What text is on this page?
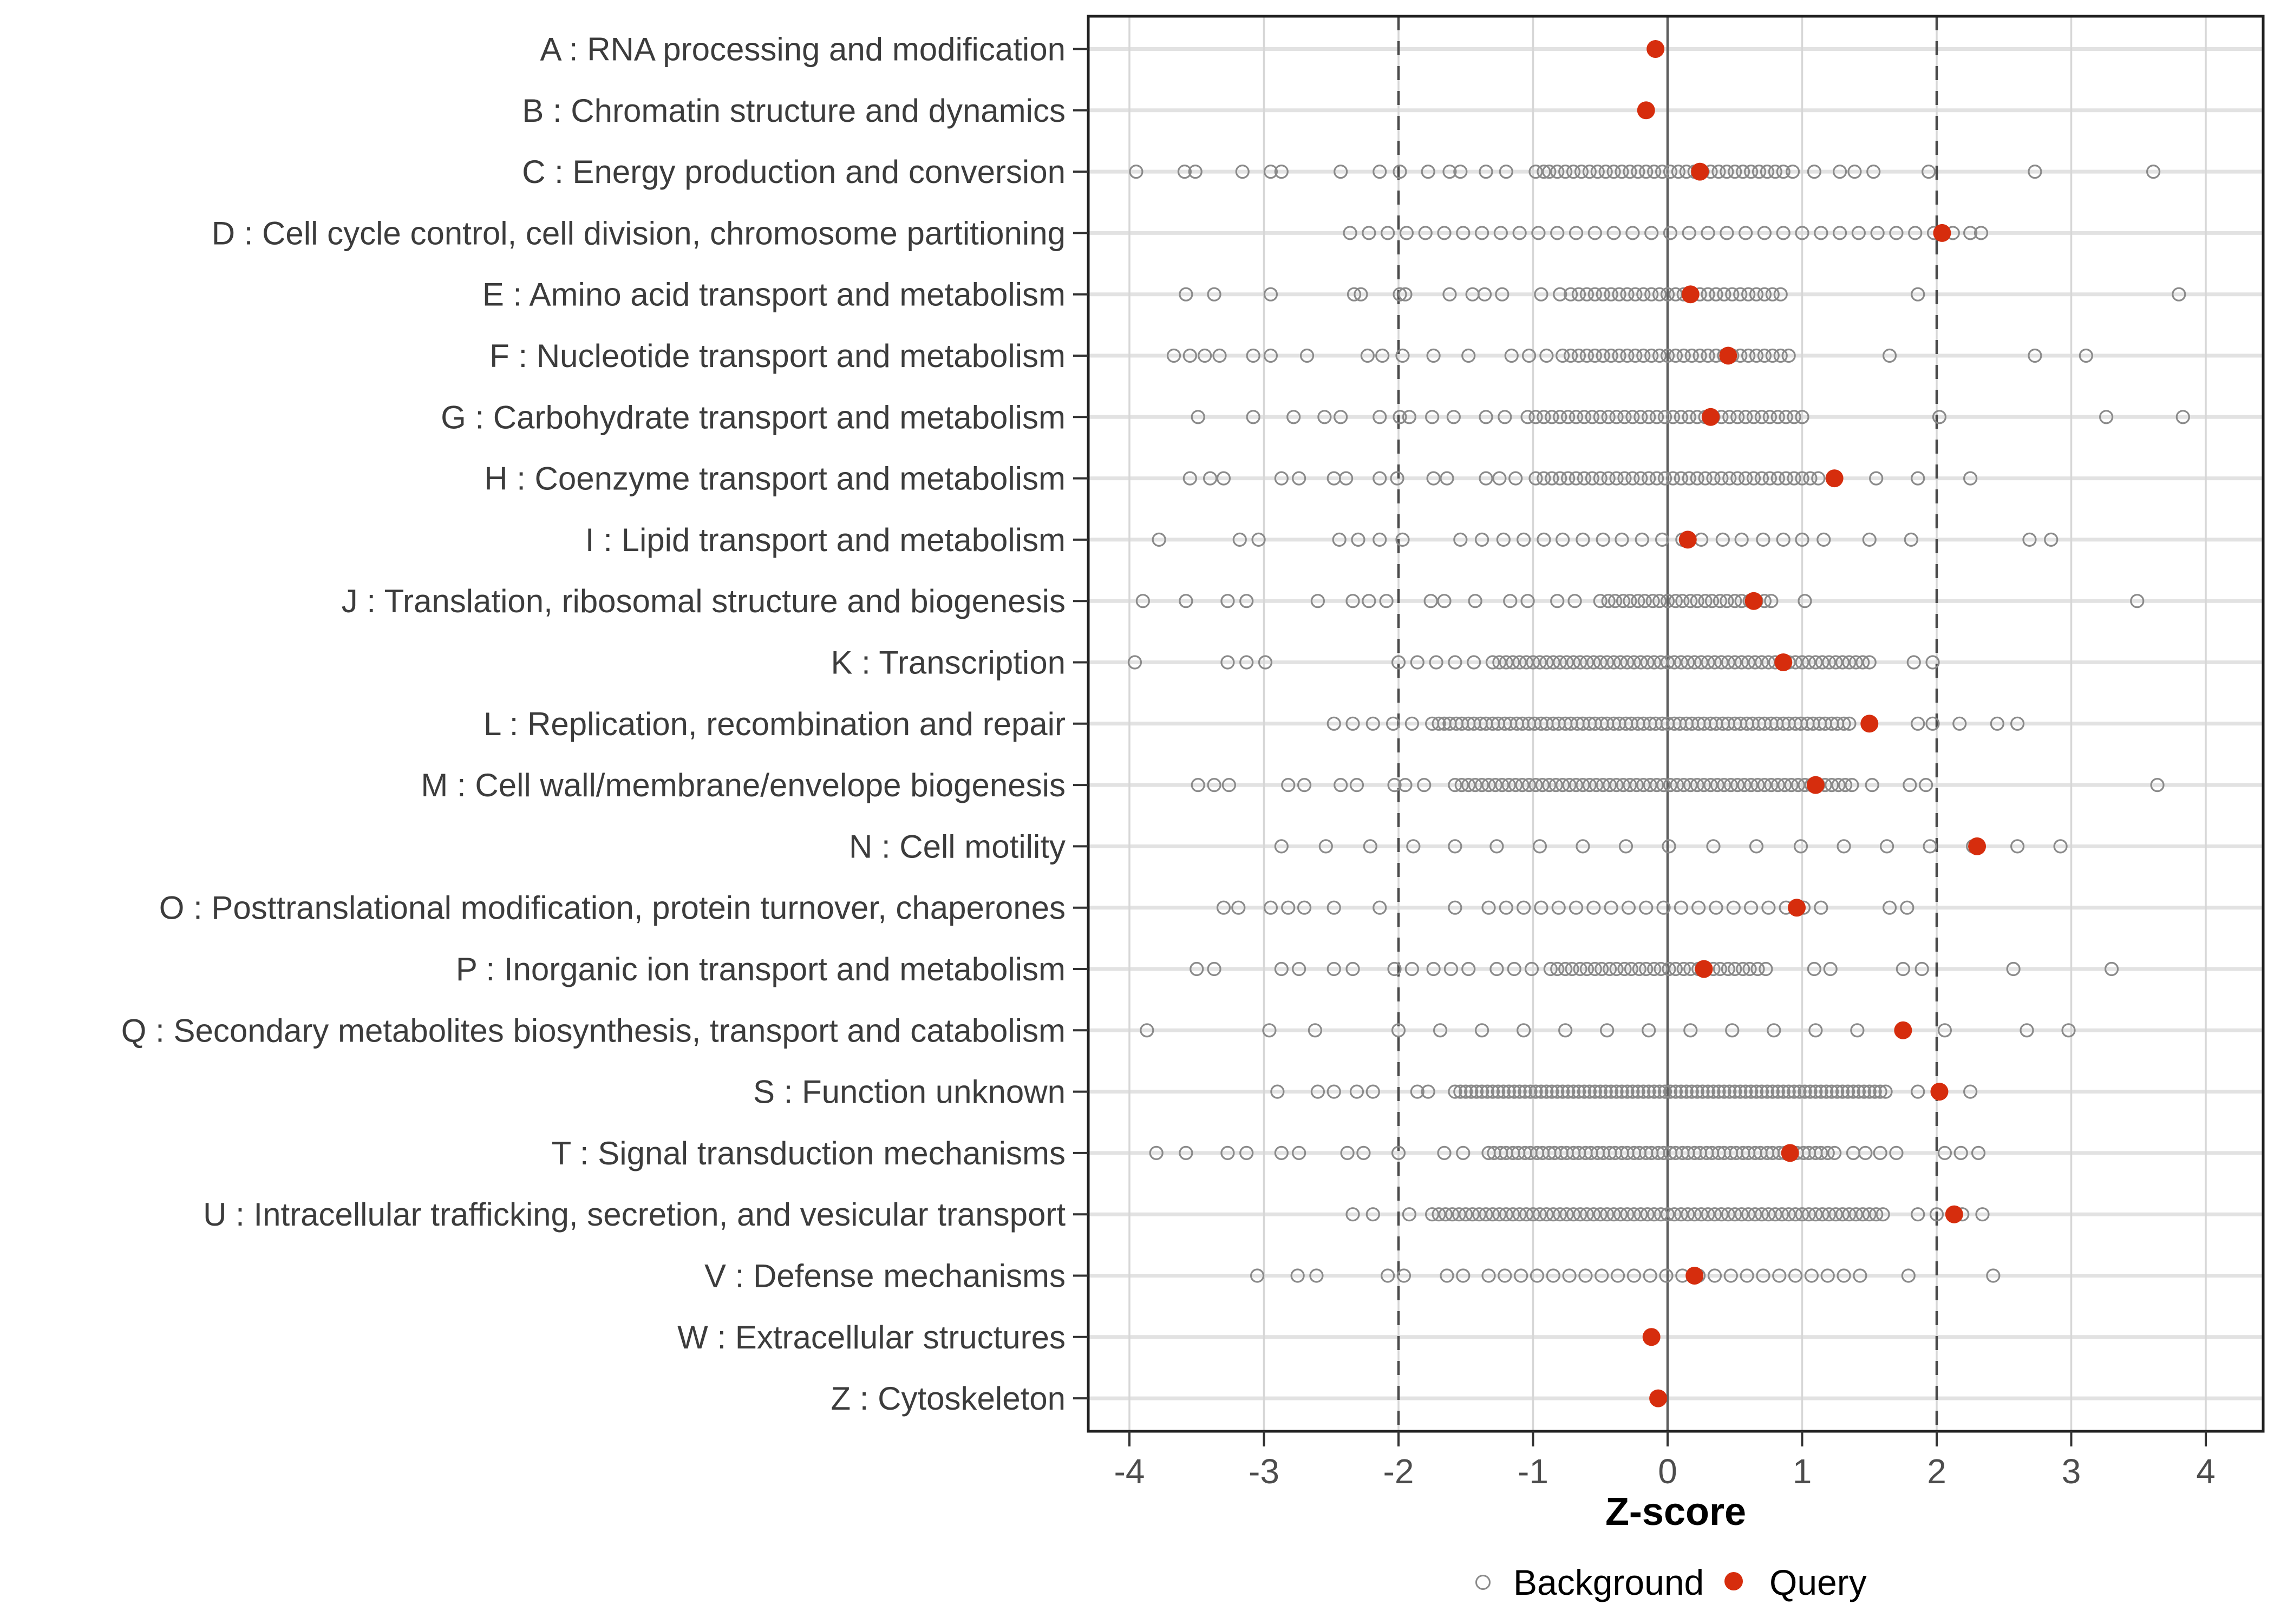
-4	-3	-2	-1	0	1	2	3	4
A : RNA processing and modification
B : Chromatin structure and dynamics
C : Energy production and conversion
D : Cell cycle control, cell division, chromosome partitioning
E : Amino acid transport and metabolism
F : Nucleotide transport and metabolism
G : Carbohydrate transport and metabolism
H : Coenzyme transport and metabolism
I : Lipid transport and metabolism
J : Translation, ribosomal structure and biogenesis
K : Transcription
L : Replication, recombination and repair
M : Cell wall/membrane/envelope biogenesis
N : Cell motility
O : Posttranslational modification, protein turnover, chaperones
P : Inorganic ion transport and metabolism
Q : Secondary metabolites biosynthesis, transport and catabolism
S : Function unknown
T : Signal transduction mechanisms
U : Intracellular trafficking, secretion, and vesicular transport
V : Defense mechanisms
W : Extracellular structures
Z : Cytoskeleton
Z-score
Background Query
